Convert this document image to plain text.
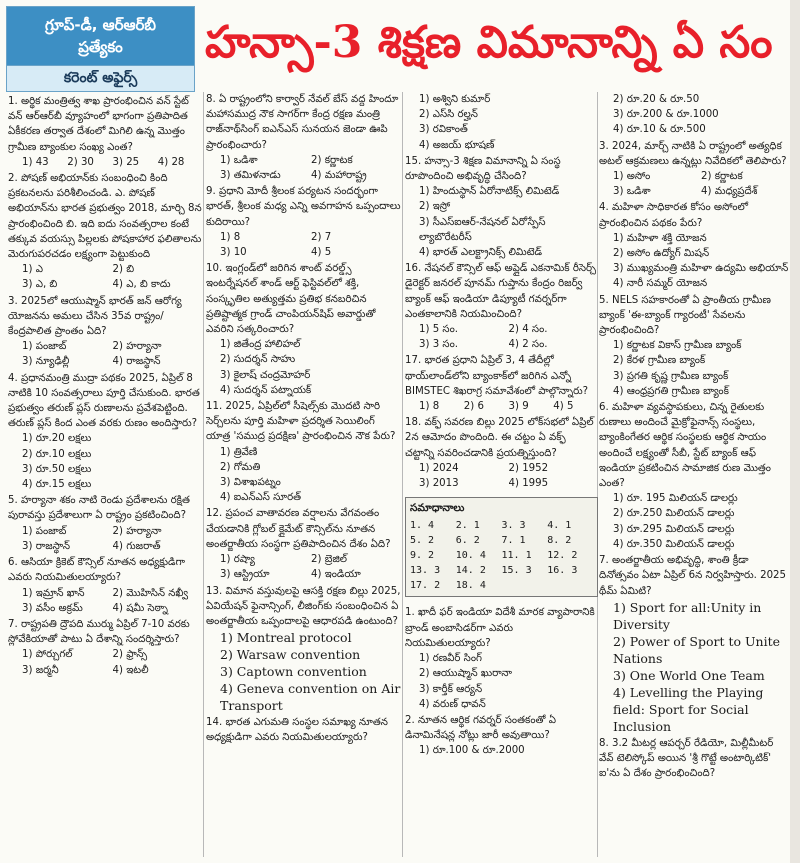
గ్రూప్-డీ, ఆర్ఆర్‌బీ
ప్రత్యేకం
కరెంట్ అఫైర్స్
హన్సా-3 శిక్షణ విమానాన్ని ఏ సం
1. అర్థిక మంత్రిత్వ శాఖ ప్రారంభించిన వన్ స్టేట్ వన్ ఆర్ఆర్‌బీ వ్యూహంలో భాగంగా ప్రతిపాదిత ఏకీకరణ తర్వాత దేశంలో మిగిలి ఉన్న మొత్తం గ్రామీణ బ్యాంకుల సంఖ్య ఎంత?
1) 43	2) 30	3) 25	4) 28
2. పోషణ్ అభియాన్‌కు సంబంధించి కింది ప్రకటనలను పరిశీలించండి. ఎ. పోషణ్ అభియాన్‌ను భారత ప్రభుత్వం 2018, మార్చి 8న ప్రారంభించింది బి. ఇది ఐదు సంవత్సరాల కంటే తక్కువ వయస్సు పిల్లలకు పోషకాహార ఫలితాలను మెరుగుపరచడం లక్ష్యంగా పెట్టుకుంది
1) ఎ	2) బి
3) ఎ, బి	4) ఎ, బి కాదు
3. 2025లో ఆయుష్మాన్ భారత్ జన్ ఆరోగ్య యోజనను అమలు చేసిన 35వ రాష్ట్రం/ కేంద్రపాలిత ప్రాంతం ఏది?
1) పంజాబ్	2) హర్యానా
3) న్యూఢిల్లీ	4) రాజస్థాన్
4. ప్రధానమంత్రి ముద్రా పథకం 2025, ఏప్రిల్ 8 నాటికి 10 సంవత్సరాలు పూర్తి చేసుకుంది. భారత ప్రభుత్వం తరుణ్ ప్లస్ రుణాలను ప్రవేశపెట్టింది. తరుణ్ ప్లస్ కింద ఎంత వరకు రుణం అందిస్తారు?
1) రూ.20 లక్షలు
2) రూ.10 లక్షలు
3) రూ.50 లక్షలు
4) రూ.15 లక్షలు
5. హర్యానా శకం నాటి రెండు ప్రదేశాలను రక్షిత పురావస్తు ప్రదేశాలుగా ఏ రాష్ట్రం ప్రకటించింది?
1) పంజాబ్	2) హర్యానా
3) రాజస్థాన్	4) గుజరాత్
6. ఆసియా క్రికెట్ కౌన్సిల్ నూతన అధ్యక్షుడిగా ఎవరు నియమితులయ్యారు?
1) ఇమ్రాన్ ఖాన్	2) మొహిసిన్ నఖ్వీ
3) వసీం అక్రమ్	4) షమీ సెఠ్నా
7. రాష్ట్రపతి ద్రౌపది ముర్ము ఏప్రిల్ 7-10 వరకు స్లోవేకియాతో పాటు ఏ దేశాన్ని సందర్శిస్తారు?
1) పోర్చుగల్	2) ఫ్రాన్స్
3) జర్మనీ	4) ఇటలీ
8. ఏ రాష్ట్రంలోని కార్వార్ నేవల్ బేస్ వద్ద హిందూ మహాసముద్ర నౌక సాగర్‌గా కేంద్ర రక్షణ మంత్రి రాజ్‌నాథ్‌సింగ్ ఐఎన్ఎస్ సునయన జెండా ఊపి ప్రారంభించారు?
1) ఒడిశా	2) కర్ణాటక
3) తమిళనాడు	4) మహారాష్ట్ర
9. ప్రధాని మోదీ శ్రీలంక పర్యటన సందర్భంగా భారత్, శ్రీలంక మధ్య ఎన్ని అవగాహన ఒప్పందాలు కుదిరాయి?
1) 8	2) 7
3) 10	4) 5
10. ఇంగ్లండ్‌లో జరిగిన శాంట్ వరల్డ్స్ ఇంటర్నేషనల్ శాండ్ ఆర్ట్ ఫెస్టివల్‌లో శక్తి, సంస్కృతిల అత్యుత్తమ ప్రతిభ కనబరిచిన ప్రతిష్టాత్మక గ్రాండ్ చాంపియన్‌షిప్ అవార్డుతో ఎవరిని సత్కరించారు?
1) జితేంద్ర హాలిహల్
2) సుదర్శన్ సాహు
3) కైలాష్ చంద్రమోహర్
4) సుదర్శన్ పట్నాయక్
11. 2025, ఏప్రిల్‌లో సీషెల్స్‌కు మొదటి సారి సెర్చ్‌లను పూర్తి మహిళా ప్రదర్శిత సెయిలింగ్ యాత్ర 'సముద్ర ప్రదక్షిణ' ప్రారంభించిన నౌక పేరు?
1) త్రివేణి
2) గోమతి
3) విశాఖపట్నం
4) ఐఎన్ఎస్ సూరత్
12. ప్రపంచ వాతావరణ వర్షాలను వేగవంతం చేయడానికి గ్లోబల్ క్లైమేట్ కౌన్సిల్‌ను నూతన అంతర్జాతీయ సంస్థగా ప్రతిపాదించిన దేశం ఏది?
1) రష్యా	2) బ్రెజిల్
3) ఆస్ట్రియా	4) ఇండియా
13. విమాన వస్తువులపై ఆసక్తి రక్షణ బిల్లు 2025, ఏవియేషన్ ఫైనాన్సింగ్, లీజింగ్‌కు సంబంధించిన ఏ అంతర్జాతీయ ఒప్పందాలపై ఆధారపడి ఉంటుంది?
1) Montreal protocol
2) Warsaw convention
3) Captown convention
4) Geneva convention on Air Transport
14. భారత ఎగుమతి సంస్థల సమాఖ్య నూతన అధ్యక్షుడిగా ఎవరు నియమితులయ్యారు?
1) అశ్విని కుమార్
2) ఎస్‌సి రల్హన్
3) రవికాంత్
4) అజయ్ భూషణ్
15. హన్సా-3 శిక్షణ విమానాన్ని ఏ సంస్థ రూపొందించి అభివృద్ధి చేసింది?
1) హిందుస్థాన్ ఏరోనాటిక్స్ లిమిటెడ్
2) ఇస్రో
3) సీఎస్ఐఆర్-నేషనల్ ఏరోస్పేస్ ల్యాబొరేటరీస్
4) భారత్ ఎలక్ట్రానిక్స్ లిమిటెడ్
16. నేషనల్ కౌన్సిల్ ఆఫ్ అప్లైడ్ ఎకనామిక్ రీసెర్చ్ డైరెక్టర్ జనరల్ పూనమ్ గుప్తాను కేంద్రం రిజర్వ్ బ్యాంక్ ఆఫ్ ఇండియా డిప్యూటీ గవర్నర్‌గా ఎంతకాలానికి నియమించింది?
1) 5 సం.	2) 4 సం.
3) 3 సం.	4) 2 సం.
17. భారత ప్రధాని ఏప్రిల్ 3, 4 తేదీల్లో థాయ్‌లాండ్‌లోని బ్యాంకాక్‌లో జరిగిన ఎన్నో BIMSTEC శిఖరాగ్ర సమావేశంలో పాల్గొన్నారు?
1) 8	2) 6	3) 9	4) 5
18. వక్ఫ్ సవరణ బిల్లు 2025 లోక్‌సభలో ఏప్రిల్ 2న ఆమోదం పొందింది. ఈ చట్టం ఏ వక్ఫ్ చట్టాన్ని సవరించడానికి ప్రయత్నిస్తుంది?
1) 2024	2) 1952
3) 2013	4) 1995
సమాధానాలు
1. 4	2. 1	3. 3	4. 1
5. 2	6. 2	7. 1	8. 2
9. 2	10. 4	11. 1	12. 2
13. 3	14. 2	15. 3	16. 3
17. 2	18. 4
1. ఖాదీ ఫర్ ఇండియా విదేశీ మారక వ్యాపారానికి బ్రాండ్ అంబాసిడర్‌గా ఎవరు నియమితులయ్యారు?
1) రణవీర్ సింగ్
2) ఆయుష్మాన్ ఖురానా
3) కార్తీక్ ఆర్యన్
4) వరుణ్ ధావన్
2. నూతన ఆర్థిక గవర్నర్ సంతకంతో ఏ డినామినేషన్ల నోట్లు జారీ అవుతాయి?
1) రూ.100 & రూ.2000
2) రూ.20 & రూ.50
3) రూ.200 & రూ.1000
4) రూ.10 & రూ.500
3. 2024, మార్చ్ నాటికి ఏ రాష్ట్రంలో అత్యధిక అటల్ ఆక్రమణలు ఉన్నట్లు నివేదికలో తెలిపారు?
1) అసోం	2) కర్ణాటక
3) ఒడిశా	4) మధ్యప్రదేశ్
4. మహిళా సాధికారత కోసం అసోంలో ప్రారంభించిన పథకం పేరు?
1) మహిళా శక్తి యోజన
2) అసోం ఉద్యోగ్ మిషన్
3) ముఖ్యమంత్రి మహిళా ఉద్యమి అభియాన్
4) నారీ సమ్మర్ యోజన
5. NELS సహకారంతో ఏ ప్రాంతీయ గ్రామీణ బ్యాంక్ 'ఈ-బ్యాంక్ గ్యారంటీ' సేవలను ప్రారంభించింది?
1) కర్ణాటక వికాస్ గ్రామీణ బ్యాంక్
2) కేరళ గ్రామీణ బ్యాంక్
3) ప్రగతి కృష్ణ గ్రామీణ బ్యాంక్
4) ఆంధ్రప్రగతి గ్రామీణ బ్యాంక్
6. మహిళా వ్యవస్థాపకులు, చిన్న రైతులకు రుణాలు అందించే మైక్రోఫైనాన్స్ సంస్థలు, బ్యాంకింగేతర ఆర్థిక సంస్థలకు ఆర్థిక సాయం అందించే లక్ష్యంతో సీబీ, స్టేట్ బ్యాంక్ ఆఫ్ ఇండియా ప్రకటించిన సామాజిక రుణ మొత్తం ఎంత?
1) రూ. 195 మిలియన్ డాలర్లు
2) రూ.250 మిలియన్ డాలర్లు
3) రూ.295 మిలియన్ డాలర్లు
4) రూ.350 మిలియన్ డాలర్లు
7. అంతర్జాతీయ అభివృద్ధి, శాంతి క్రీడా దినోత్సవం ఏటా ఏప్రిల్ 6న నిర్వహిస్తారు. 2025 థీమ్ ఏమిటి?
1) Sport for all:Unity in Diversity
2) Power of Sport to Unite Nations
3) One World One Team
4) Levelling the Playing field: Sport for Social Inclusion
8. 3.2 మీటర్ల ఆపర్చర్ రేడియో, మిల్లీమీటర్ వేవ్ టెలిస్కోప్ అయిన 'శ్రీ గొట్టే అంటార్కిటిక్' ఐ'ను ఏ దేశం ప్రారంభించింది?
